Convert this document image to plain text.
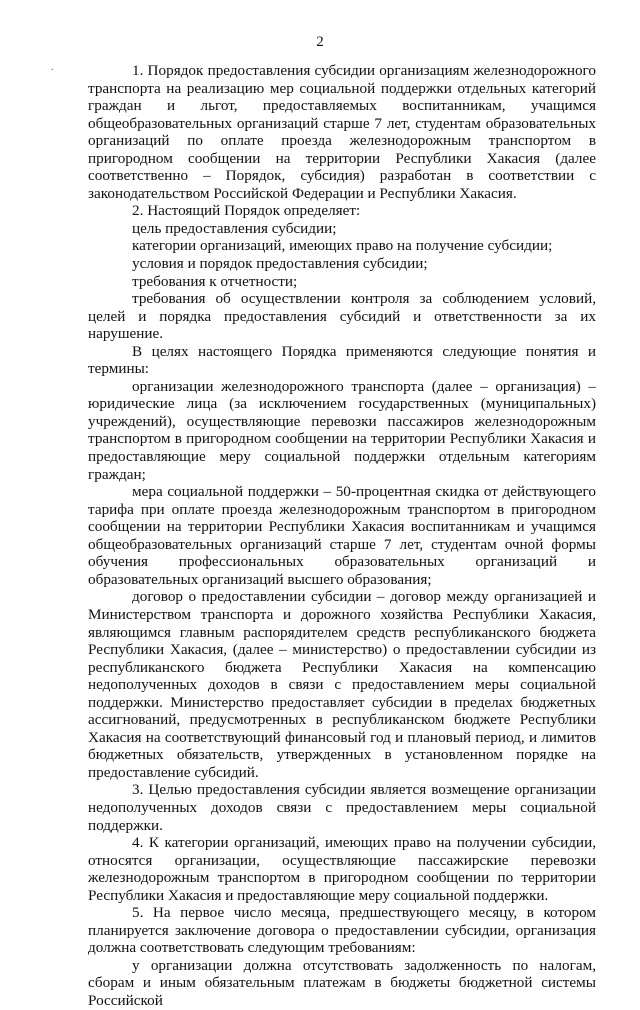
.
2

1. Порядок предоставления субсидии организациям железнодорожного транспорта на реализацию мер социальной поддержки отдельных категорий граждан и льгот, предоставляемых воспитанникам, учащимся общеобразовательных организаций старше 7 лет, студентам образовательных организаций по оплате проезда железнодорожным транспортом в пригородном сообщении на территории Республики Хакасия (далее соответственно – Порядок, субсидия) разработан в соответствии с законодательством Российской Федерации и Республики Хакасия.

2. Настоящий Порядок определяет:

цель предоставления субсидии;

категории организаций, имеющих право на получение субсидии;

условия и порядок предоставления субсидии;

требования к отчетности;

требования об осуществлении контроля за соблюдением условий, целей и порядка предоставления субсидий и ответственности за их нарушение.

В целях настоящего Порядка применяются следующие понятия и термины:

организации железнодорожного транспорта (далее – организация) – юридические лица (за исключением государственных (муниципальных) учреждений), осуществляющие перевозки пассажиров железнодорожным транспортом в пригородном сообщении на территории Республики Хакасия и предоставляющие меру социальной поддержки отдельным категориям граждан;

мера социальной поддержки – 50-процентная скидка от действующего тарифа при оплате проезда железнодорожным транспортом в пригородном сообщении на территории Республики Хакасия воспитанникам и учащимся общеобразовательных организаций старше 7 лет, студентам очной формы обучения профессиональных образовательных организаций и образовательных организаций высшего образования;

договор о предоставлении субсидии – договор между организацией и Министерством транспорта и дорожного хозяйства Республики Хакасия, являющимся главным распорядителем средств республиканского бюджета Республики Хакасия, (далее – министерство) о предоставлении субсидии из республиканского бюджета Республики Хакасия на компенсацию недополученных доходов в связи с предоставлением меры социальной поддержки. Министерство предоставляет субсидии в пределах бюджетных ассигнований, предусмотренных в республиканском бюджете Республики Хакасия на соответствующий финансовый год и плановый период, и лимитов бюджетных обязательств, утвержденных в установленном порядке на предоставление субсидий.

3. Целью предоставления субсидии является возмещение организации недополученных доходов связи с предоставлением меры социальной поддержки.

4. К категории организаций, имеющих право на получении субсидии, относятся организации, осуществляющие пассажирские перевозки железнодорожным транспортом в пригородном сообщении по территории Республики Хакасия и предоставляющие меру социальной поддержки.

5. На первое число месяца, предшествующего месяцу, в котором планируется заключение договора о предоставлении субсидии, организация должна соответствовать следующим требованиям:

у организации должна отсутствовать задолженность по налогам, сборам и иным обязательным платежам в бюджеты бюджетной системы Российской
